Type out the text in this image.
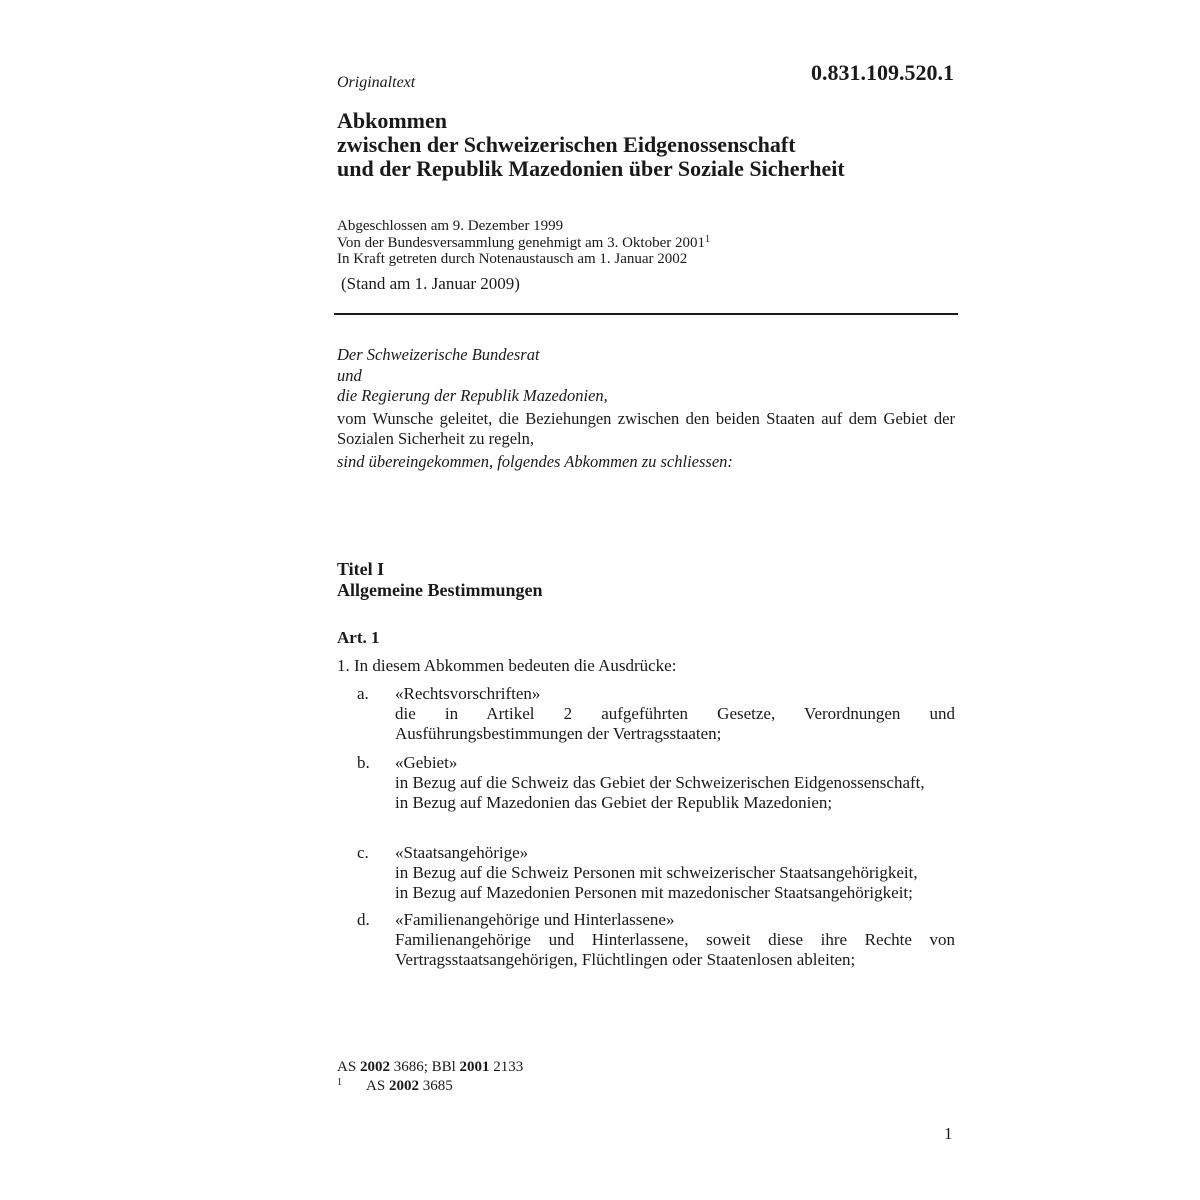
0.831.109.520.1
Originaltext
Abkommen
zwischen der Schweizerischen Eidgenossenschaft
und der Republik Mazedonien über Soziale Sicherheit
Abgeschlossen am 9. Dezember 1999
Von der Bundesversammlung genehmigt am 3. Oktober 2001$^1$
In Kraft getreten durch Notenaustausch am 1. Januar 2002
(Stand am 1. Januar 2009)
Der Schweizerische Bundesrat
und
die Regierung der Republik Mazedonien,
vom Wunsche geleitet, die Beziehungen zwischen den beiden Staaten auf dem Gebiet der Sozialen Sicherheit zu regeln,
sind übereingekommen, folgendes Abkommen zu schliessen:
Titel I
Allgemeine Bestimmungen
Art. 1
1. In diesem Abkommen bedeuten die Ausdrücke:
a. «Rechtsvorschriften»
die in Artikel 2 aufgeführten Gesetze, Verordnungen und Ausführungsbestimmungen der Vertragsstaaten;
b. «Gebiet»
in Bezug auf die Schweiz das Gebiet der Schweizerischen Eidgenossenschaft,
in Bezug auf Mazedonien das Gebiet der Republik Mazedonien;
c. «Staatsangehörige»
in Bezug auf die Schweiz Personen mit schweizerischer Staatsangehörigkeit,
in Bezug auf Mazedonien Personen mit mazedonischer Staatsangehörigkeit;
d. «Familienangehörige und Hinterlassene»
Familienangehörige und Hinterlassene, soweit diese ihre Rechte von Vertragsstaatsangehörigen, Flüchtlingen oder Staatenlosen ableiten;
AS 2002 3686; BBl 2001 2133
$^1$ AS 2002 3685
1
